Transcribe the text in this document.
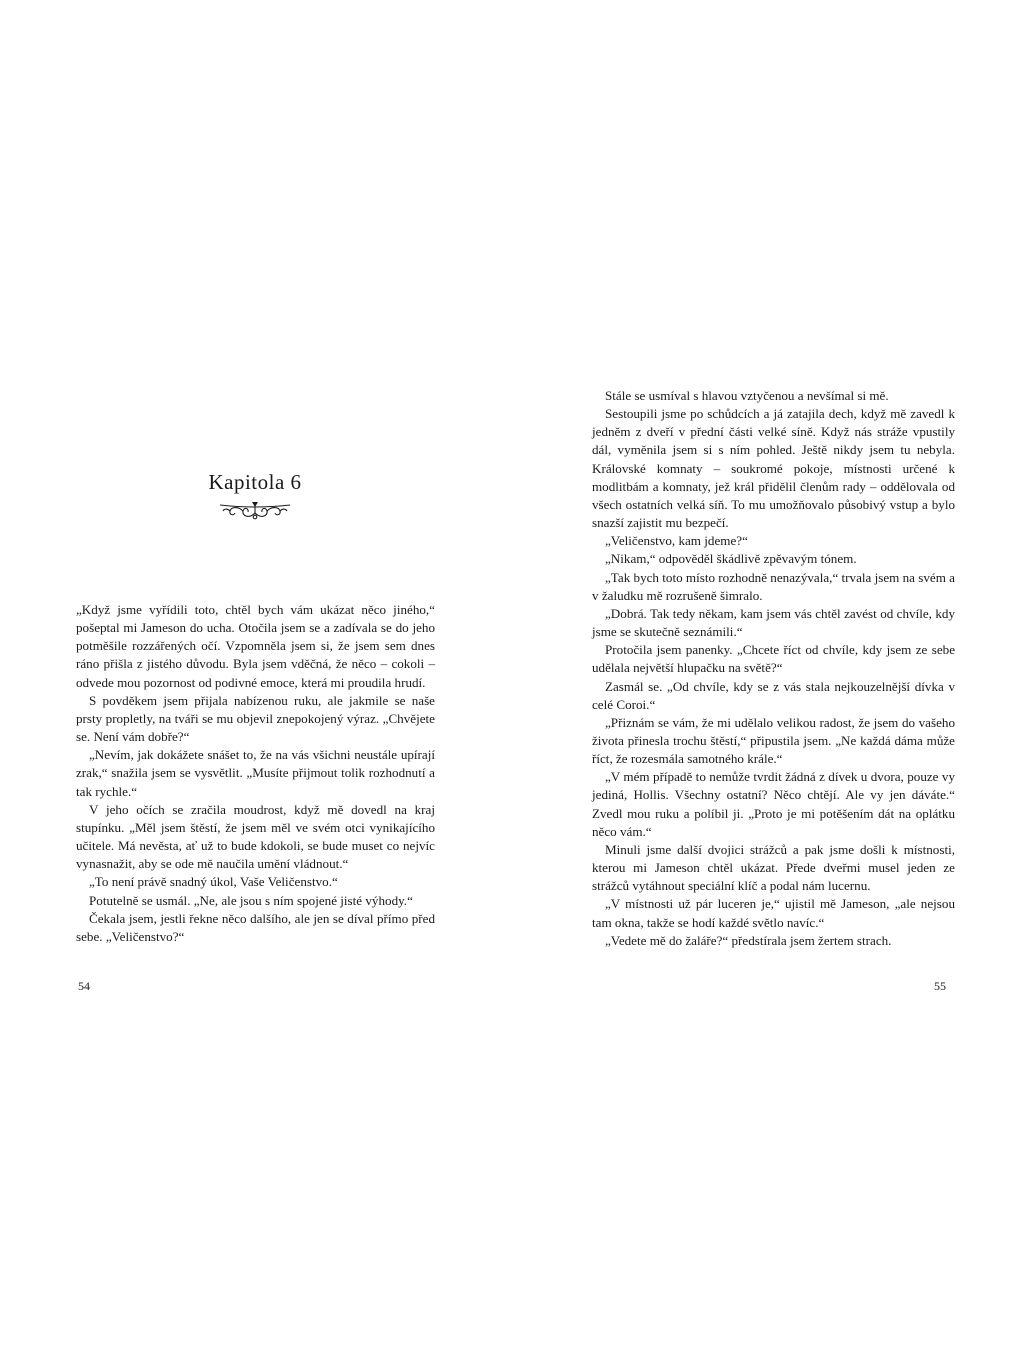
Kapitola 6

„Když jsme vyřídili toto, chtěl bych vám ukázat něco jiného,“ pošeptal mi Jameson do ucha. Otočila jsem se a zadívala se do jeho potměšile rozzářených očí. Vzpomněla jsem si, že jsem sem dnes ráno přišla z jistého důvodu. Byla jsem vděčná, že něco – cokoli – odvede mou pozornost od podivné emoce, která mi proudila hrudí.

S povděkem jsem přijala nabízenou ruku, ale jakmile se naše prsty propletly, na tváři se mu objevil znepokojený výraz. „Chvějete se. Není vám dobře?“

„Nevím, jak dokážete snášet to, že na vás všichni neustále upírají zrak,“ snažila jsem se vysvětlit. „Musíte přijmout tolik rozhodnutí a tak rychle.“

V jeho očích se zračila moudrost, když mě dovedl na kraj stupínku. „Měl jsem štěstí, že jsem měl ve svém otci vynikajícího učitele. Má nevěsta, ať už to bude kdokoli, se bude muset co nejvíc vynasnažit, aby se ode mě naučila umění vládnout.“

„To není právě snadný úkol, Vaše Veličenstvo.“

Potutelně se usmál. „Ne, ale jsou s ním spojené jisté výhody.“

Čekala jsem, jestli řekne něco dalšího, ale jen se díval přímo před sebe. „Veličenstvo?“

54

Stále se usmíval s hlavou vztyčenou a nevšímal si mě.

Sestoupili jsme po schůdcích a já zatajila dech, když mě zavedl k jedněm z dveří v přední části velké síně. Když nás stráže vpustily dál, vyměnila jsem si s ním pohled. Ještě nikdy jsem tu nebyla. Královské komnaty – soukromé pokoje, místnosti určené k modlitbám a komnaty, jež král přidělil členům rady – oddělovala od všech ostatních velká síň. To mu umožňovalo působivý vstup a bylo snazší zajistit mu bezpečí.

„Veličenstvo, kam jdeme?“

„Nikam,“ odpověděl škádlivě zpěvavým tónem.

„Tak bych toto místo rozhodně nenazývala,“ trvala jsem na svém a v žaludku mě rozrušeně šimralo.

„Dobrá. Tak tedy někam, kam jsem vás chtěl zavést od chvíle, kdy jsme se skutečně seznámili.“

Protočila jsem panenky. „Chcete říct od chvíle, kdy jsem ze sebe udělala největší hlupačku na světě?“

Zasmál se. „Od chvíle, kdy se z vás stala nejkouzelnější dívka v celé Coroi.“

„Přiznám se vám, že mi udělalo velikou radost, že jsem do vašeho života přinesla trochu štěstí,“ připustila jsem. „Ne každá dáma může říct, že rozesmála samotného krále.“

„V mém případě to nemůže tvrdit žádná z dívek u dvora, pouze vy jediná, Hollis. Všechny ostatní? Něco chtějí. Ale vy jen dáváte.“ Zvedl mou ruku a políbil ji. „Proto je mi potěšením dát na oplátku něco vám.“

Minuli jsme další dvojici strážců a pak jsme došli k místnosti, kterou mi Jameson chtěl ukázat. Přede dveřmi musel jeden ze strážců vytáhnout speciální klíč a podal nám lucernu.

„V místnosti už pár luceren je,“ ujistil mě Jameson, „ale nejsou tam okna, takže se hodí každé světlo navíc.“

„Vedete mě do žaláře?“ předstírala jsem žertem strach.

55
